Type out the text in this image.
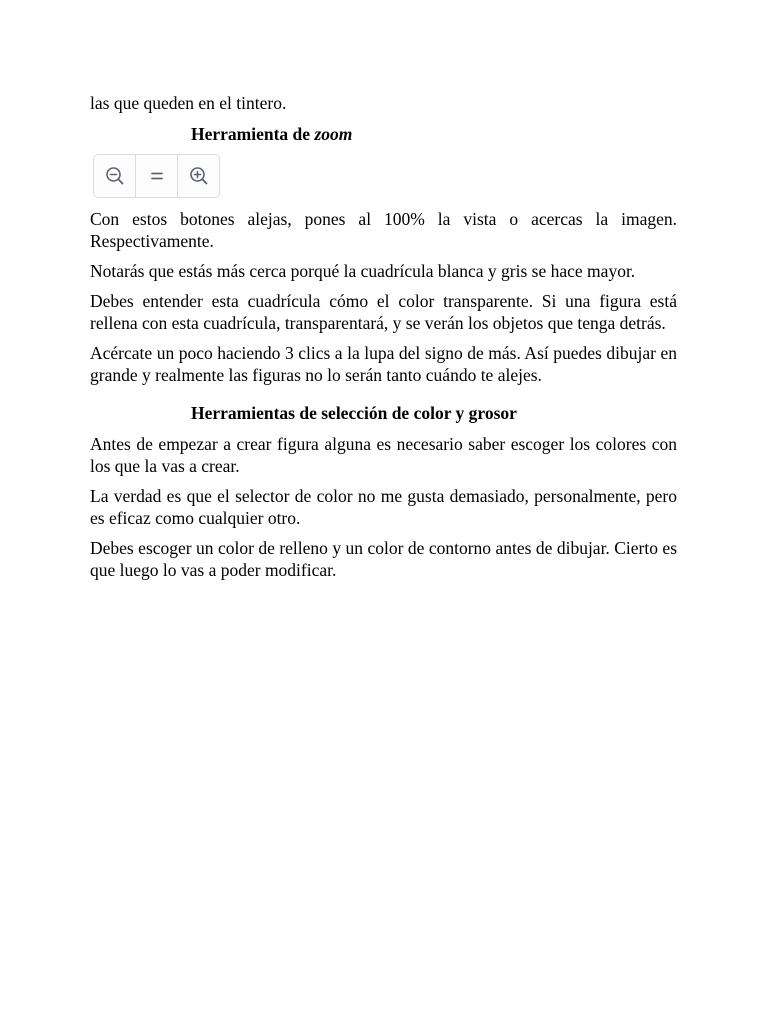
las que queden en el tintero.

Herramienta de zoom

Con estos botones alejas, pones al 100% la vista o acercas la imagen. Respectivamente.

Notarás que estás más cerca porqué la cuadrícula blanca y gris se hace mayor.

Debes entender esta cuadrícula cómo el color transparente. Si una figura está rellena con esta cuadrícula, transparentará, y se verán los objetos que tenga detrás.

Acércate un poco haciendo 3 clics a la lupa del signo de más. Así puedes dibujar en grande y realmente las figuras no lo serán tanto cuándo te alejes.

Herramientas de selección de color y grosor

Antes de empezar a crear figura alguna es necesario saber escoger los colores con los que la vas a crear.

La verdad es que el selector de color no me gusta demasiado, personalmente, pero es eficaz como cualquier otro.

Debes escoger un color de relleno y un color de contorno antes de dibujar. Cierto es que luego lo vas a poder modificar.
